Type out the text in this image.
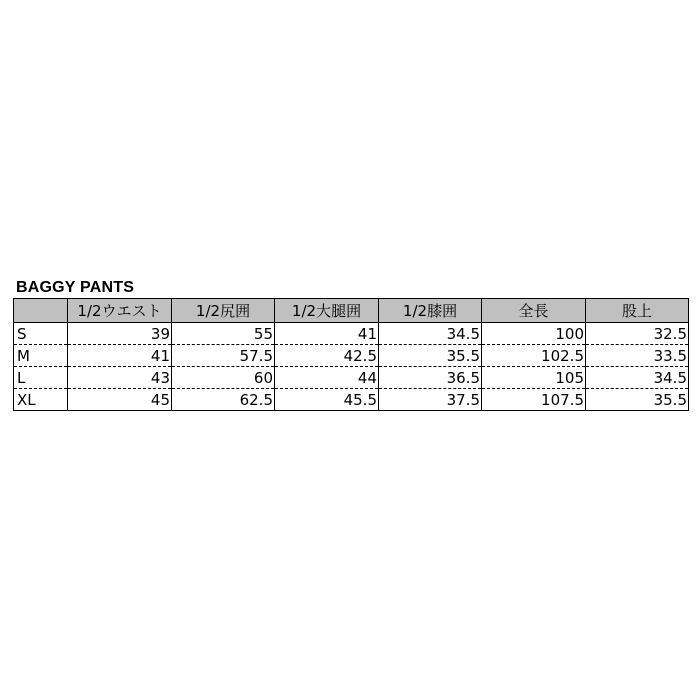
BAGGY PANTS
	1/2ウエスト	1/2尻囲	1/2大腿囲	1/2膝囲	全長	股上
S	39	55	41	34.5	100	32.5
M	41	57.5	42.5	35.5	102.5	33.5
L	43	60	44	36.5	105	34.5
XL	45	62.5	45.5	37.5	107.5	35.5
